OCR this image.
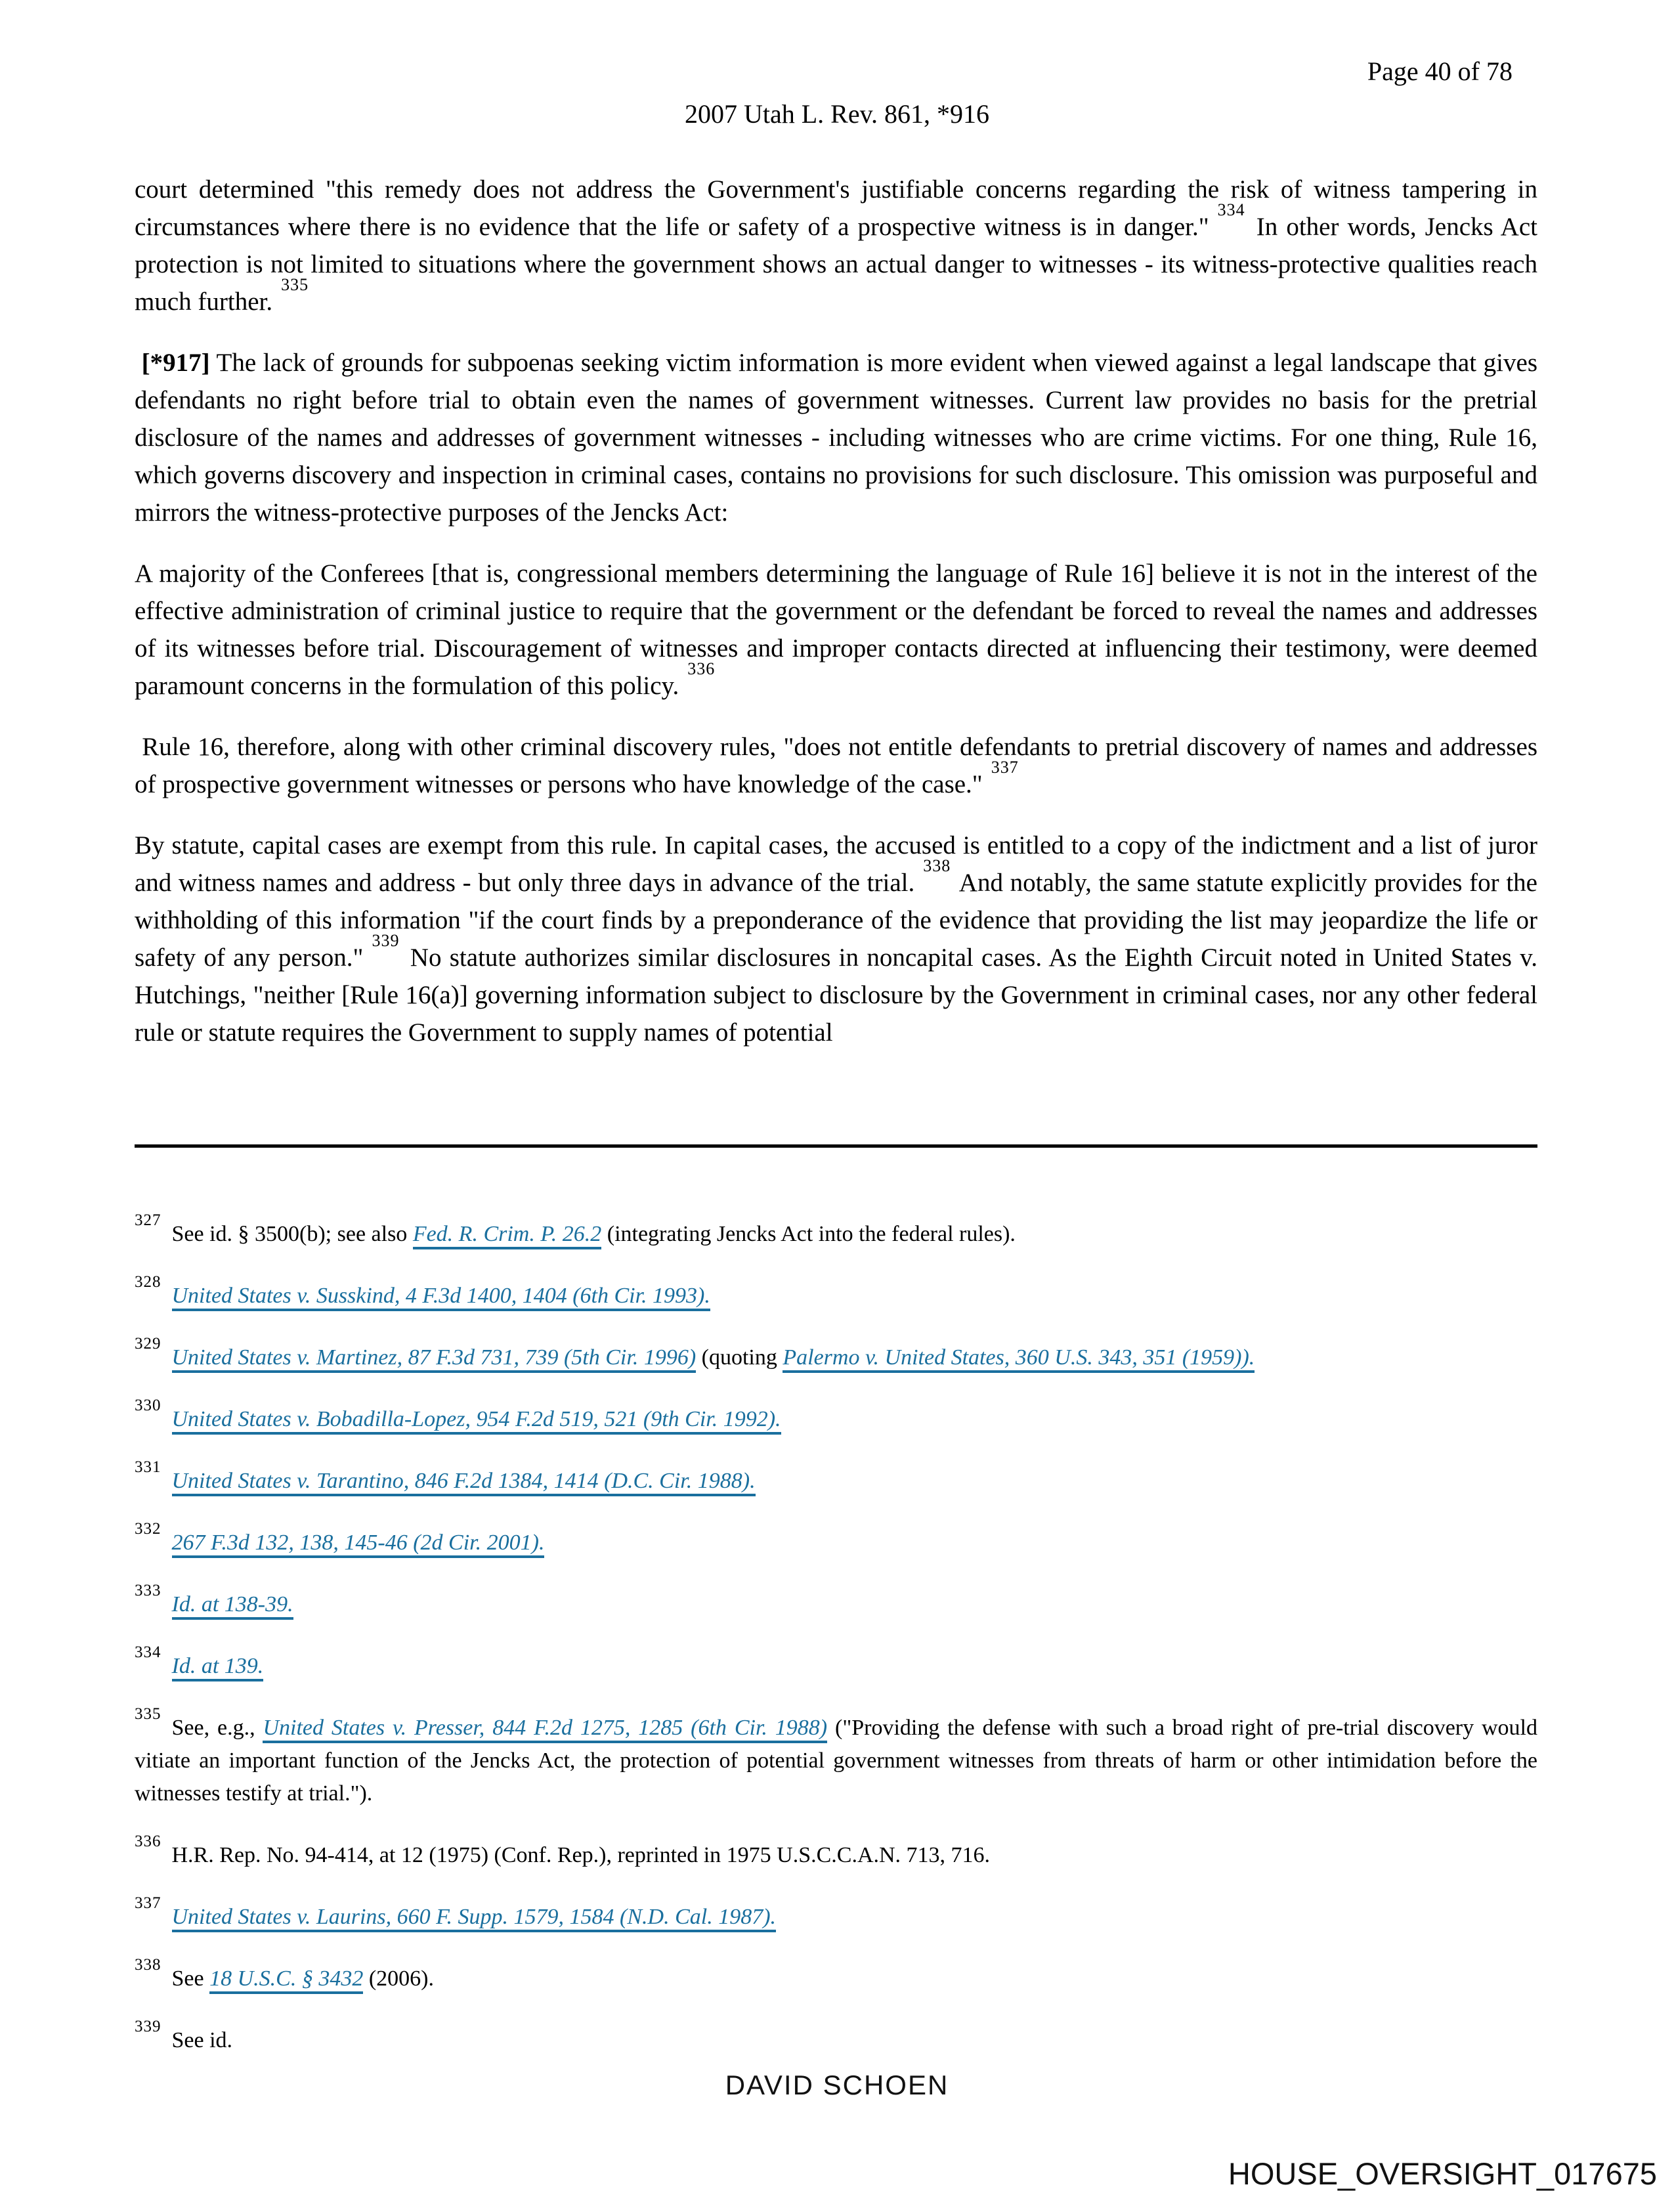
Page 40 of 78
2007 Utah L. Rev. 861, *916
court determined "this remedy does not address the Government's justifiable concerns regarding the risk of witness tampering in circumstances where there is no evidence that the life or safety of a prospective witness is in danger."$^{334}$ In other words, Jencks Act protection is not limited to situations where the government shows an actual danger to witnesses - its witness-protective qualities reach much further.$^{335}$
[*917] The lack of grounds for subpoenas seeking victim information is more evident when viewed against a legal landscape that gives defendants no right before trial to obtain even the names of government witnesses. Current law provides no basis for the pretrial disclosure of the names and addresses of government witnesses - including witnesses who are crime victims. For one thing, Rule 16, which governs discovery and inspection in criminal cases, contains no provisions for such disclosure. This omission was purposeful and mirrors the witness-protective purposes of the Jencks Act:
A majority of the Conferees [that is, congressional members determining the language of Rule 16] believe it is not in the interest of the effective administration of criminal justice to require that the government or the defendant be forced to reveal the names and addresses of its witnesses before trial. Discouragement of witnesses and improper contacts directed at influencing their testimony, were deemed paramount concerns in the formulation of this policy.$^{336}$
Rule 16, therefore, along with other criminal discovery rules, "does not entitle defendants to pretrial discovery of names and addresses of prospective government witnesses or persons who have knowledge of the case."$^{337}$
By statute, capital cases are exempt from this rule. In capital cases, the accused is entitled to a copy of the indictment and a list of juror and witness names and address - but only three days in advance of the trial.$^{338}$ And notably, the same statute explicitly provides for the withholding of this information "if the court finds by a preponderance of the evidence that providing the list may jeopardize the life or safety of any person."$^{339}$ No statute authorizes similar disclosures in noncapital cases. As the Eighth Circuit noted in United States v. Hutchings, "neither [Rule 16(a)] governing information subject to disclosure by the Government in criminal cases, nor any other federal rule or statute requires the Government to supply names of potential
$^{327}$See id. § 3500(b); see also Fed. R. Crim. P. 26.2 (integrating Jencks Act into the federal rules).
$^{328}$United States v. Susskind, 4 F.3d 1400, 1404 (6th Cir. 1993).
$^{329}$United States v. Martinez, 87 F.3d 731, 739 (5th Cir. 1996) (quoting Palermo v. United States, 360 U.S. 343, 351 (1959)).
$^{330}$United States v. Bobadilla-Lopez, 954 F.2d 519, 521 (9th Cir. 1992).
$^{331}$United States v. Tarantino, 846 F.2d 1384, 1414 (D.C. Cir. 1988).
$^{332}$267 F.3d 132, 138, 145-46 (2d Cir. 2001).
$^{333}$Id. at 138-39.
$^{334}$Id. at 139.
$^{335}$See, e.g., United States v. Presser, 844 F.2d 1275, 1285 (6th Cir. 1988) ("Providing the defense with such a broad right of pre-trial discovery would vitiate an important function of the Jencks Act, the protection of potential government witnesses from threats of harm or other intimidation before the witnesses testify at trial.").
$^{336}$H.R. Rep. No. 94-414, at 12 (1975) (Conf. Rep.), reprinted in 1975 U.S.C.C.A.N. 713, 716.
$^{337}$United States v. Laurins, 660 F. Supp. 1579, 1584 (N.D. Cal. 1987).
$^{338}$See 18 U.S.C. § 3432 (2006).
$^{339}$See id.
DAVID SCHOEN
HOUSE_OVERSIGHT_017675
